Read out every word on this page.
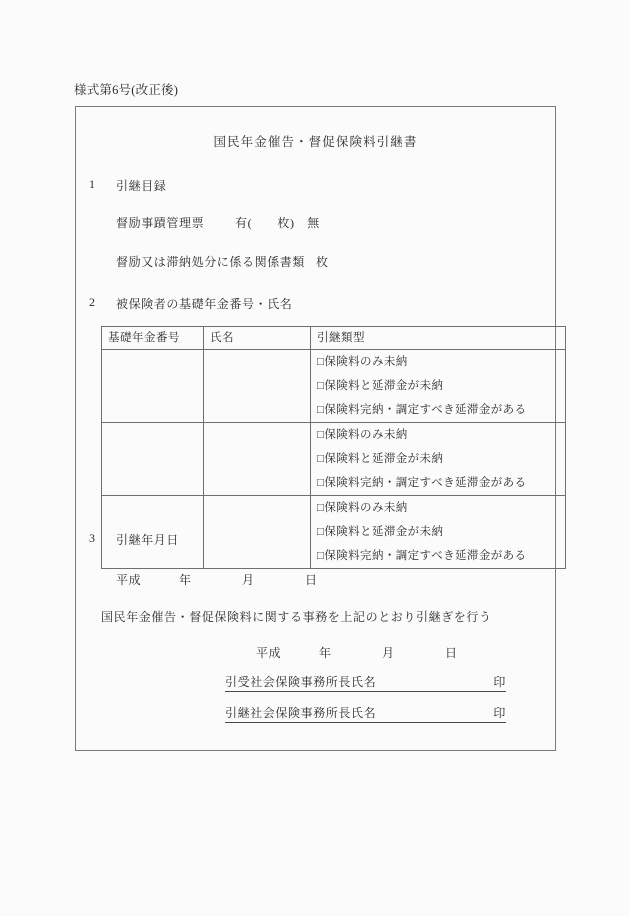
様式第6号(改正後)
国民年金催告・督促保険料引継書
1 引継目録
督励事蹟管理票	有(　　枚)　無
督励又は滞納処分に係る関係書類 枚
2 被保険者の基礎年金番号・氏名
基礎年金番号	氏名	引継類型

		□保険料のみ未納
□保険料と延滞金が未納
□保険料完納・調定すべき延滞金がある

		□保険料のみ未納
□保険料と延滞金が未納
□保険料完納・調定すべき延滞金がある

		□保険料のみ未納
□保険料と延滞金が未納
□保険料完納・調定すべき延滞金がある
3 引継年月日
平成　　　年　　　　月　　　　日
国民年金催告・督促保険料に関する事務を上記のとおり引継ぎを行う
平成　　　年　　　　月　　　　日
引受社会保険事務所長氏名	印
引継社会保険事務所長氏名	印
